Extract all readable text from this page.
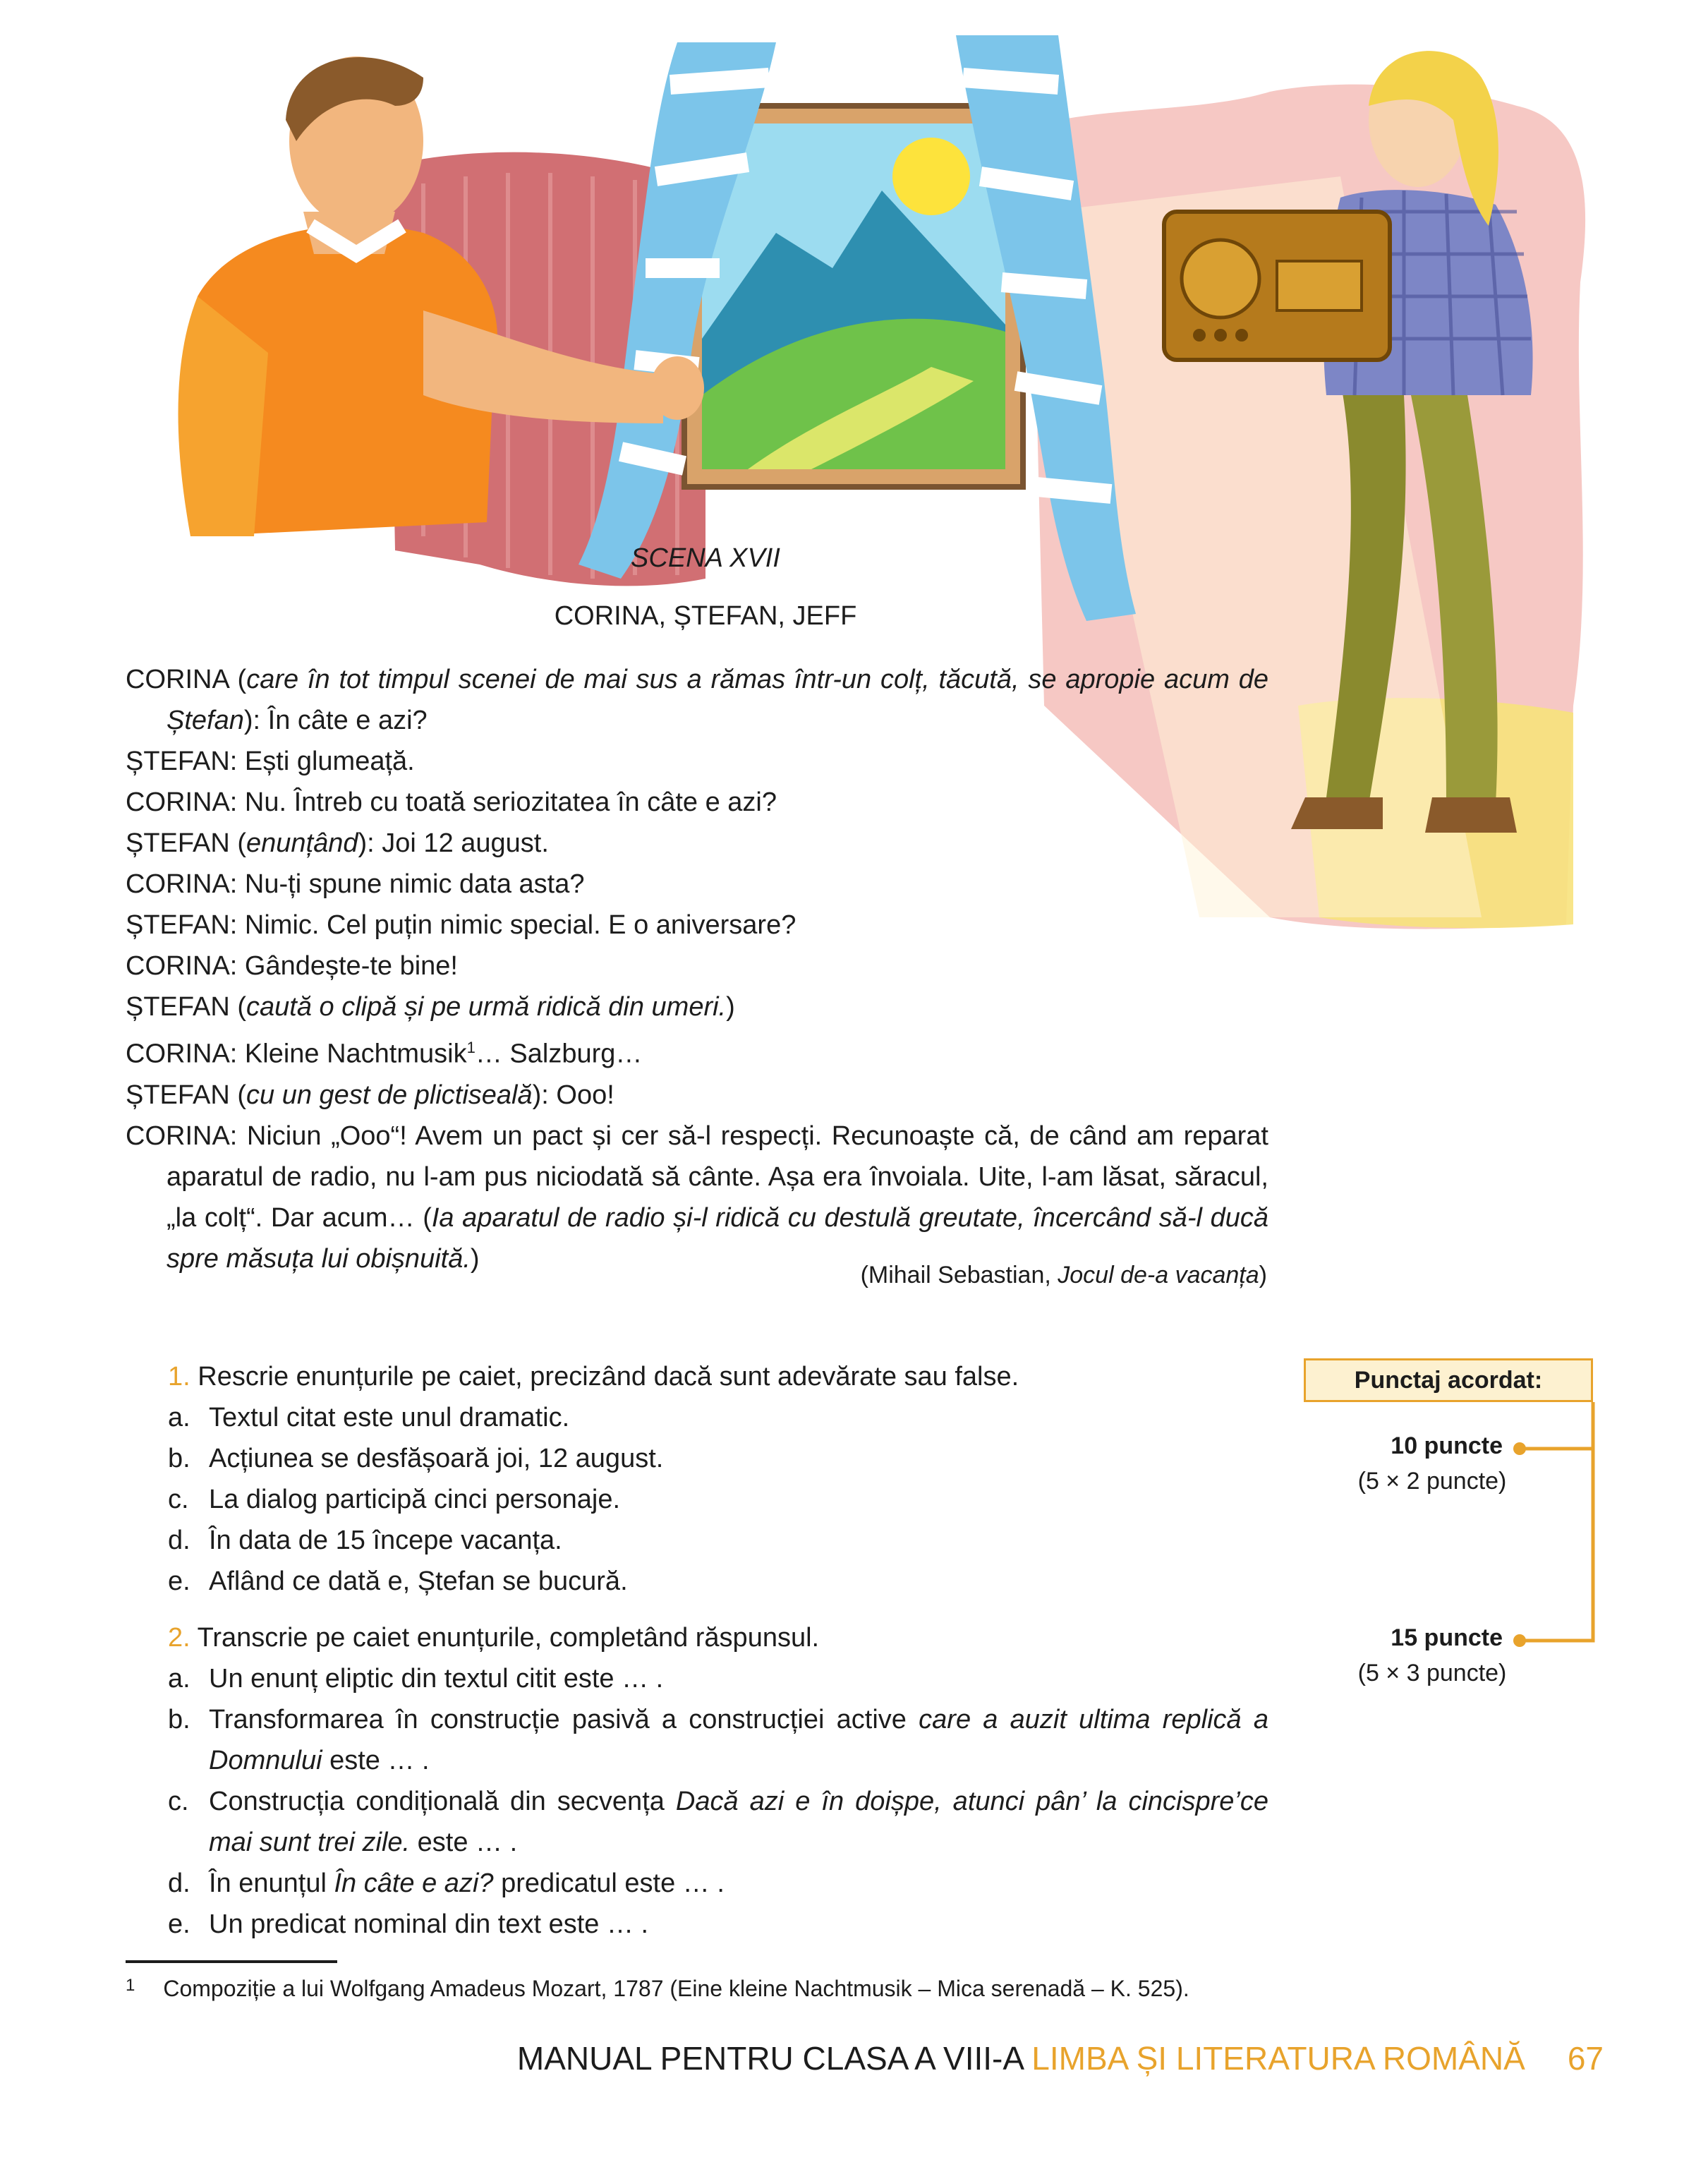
SCENA XVII
CORINA, ȘTEFAN, JEFF

CORINA (care în tot timpul scenei de mai sus a rămas într-un colț, tăcută, se apropie acum de Ștefan): În câte e azi?

ȘTEFAN: Ești glumeață.

CORINA: Nu. Întreb cu toată seriozitatea în câte e azi?

ȘTEFAN (enunțând): Joi 12 august.

CORINA: Nu-ți spune nimic data asta?

ȘTEFAN: Nimic. Cel puțin nimic special. E o aniversare?

CORINA: Gândește-te bine!

ȘTEFAN (caută o clipă și pe urmă ridică din umeri.)

CORINA: Kleine Nachtmusik$^1$… Salzburg…

ȘTEFAN (cu un gest de plictiseală): Ooo!

CORINA: Niciun „Ooo“! Avem un pact și cer să-l respecți. Recunoaște că, de când am reparat aparatul de radio, nu l-am pus niciodată să cânte. Așa era învoiala. Uite, l-am lăsat, săracul, „la colț“. Dar acum… (Ia aparatul de radio și-l ridică cu destulă greutate, încercând să-l ducă spre măsuța lui obișnuită.)

(Mihail Sebastian, Jocul de-a vacanța)

1. Rescrie enunțurile pe caiet, precizând dacă sunt adevărate sau false.

a. Textul citat este unul dramatic.

b. Acțiunea se desfășoară joi, 12 august.

c. La dialog participă cinci personaje.

d. În data de 15 începe vacanța.

e. Aflând ce dată e, Ștefan se bucură.

2. Transcrie pe caiet enunțurile, completând răspunsul.

a. Un enunț eliptic din textul citit este … .

b. Transformarea în construcție pasivă a construcției active care a auzit ultima replică a Domnului este … .

c. Construcția condițională din secvența Dacă azi e în doișpe, atunci pân’ la cincispre’ce mai sunt trei zile. este … .

d. În enunțul În câte e azi? predicatul este … .

e. Un predicat nominal din text este … .

Punctaj acordat:
10 puncte
(5 × 2 puncte)
15 puncte
(5 × 3 puncte)
$^1$ Compoziție a lui Wolfgang Amadeus Mozart, 1787 (Eine kleine Nachtmusik – Mica serenadă – K. 525).
MANUAL PENTRU CLASA A VIII-A LIMBA ȘI LITERATURA ROMÂNĂ 67
